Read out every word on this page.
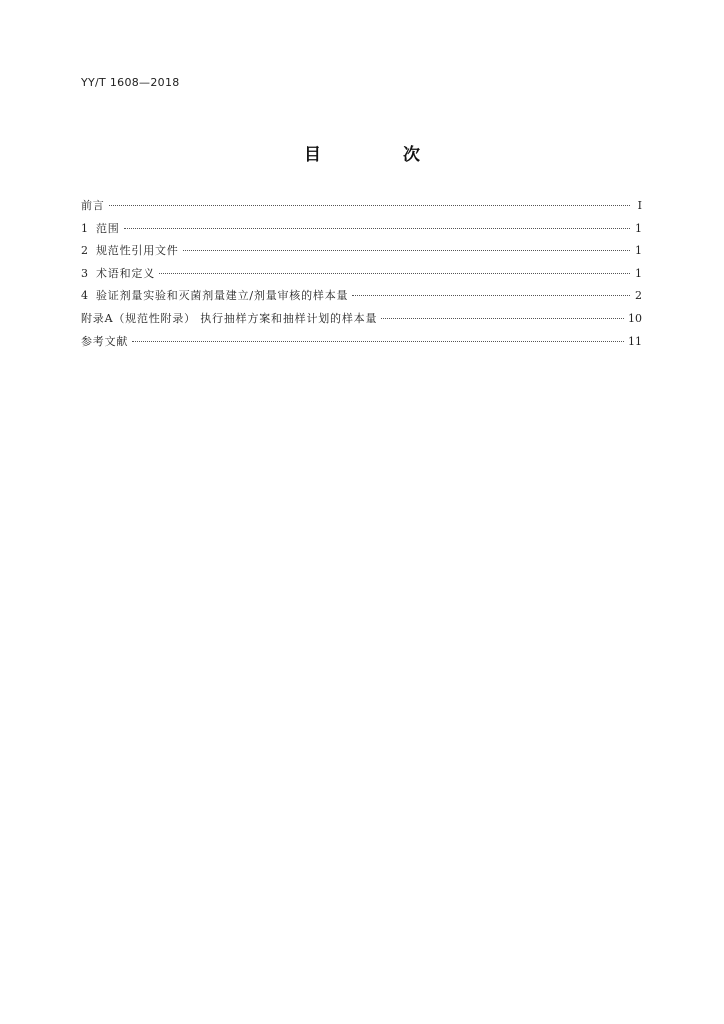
YY/T 1608—2018
目 次
前言	Ⅰ
1 范围	1
2 规范性引用文件	1
3 术语和定义	1
4 验证剂量实验和灭菌剂量建立/剂量审核的样本量	2
附录A（规范性附录） 执行抽样方案和抽样计划的样本量	10
参考文献	11
